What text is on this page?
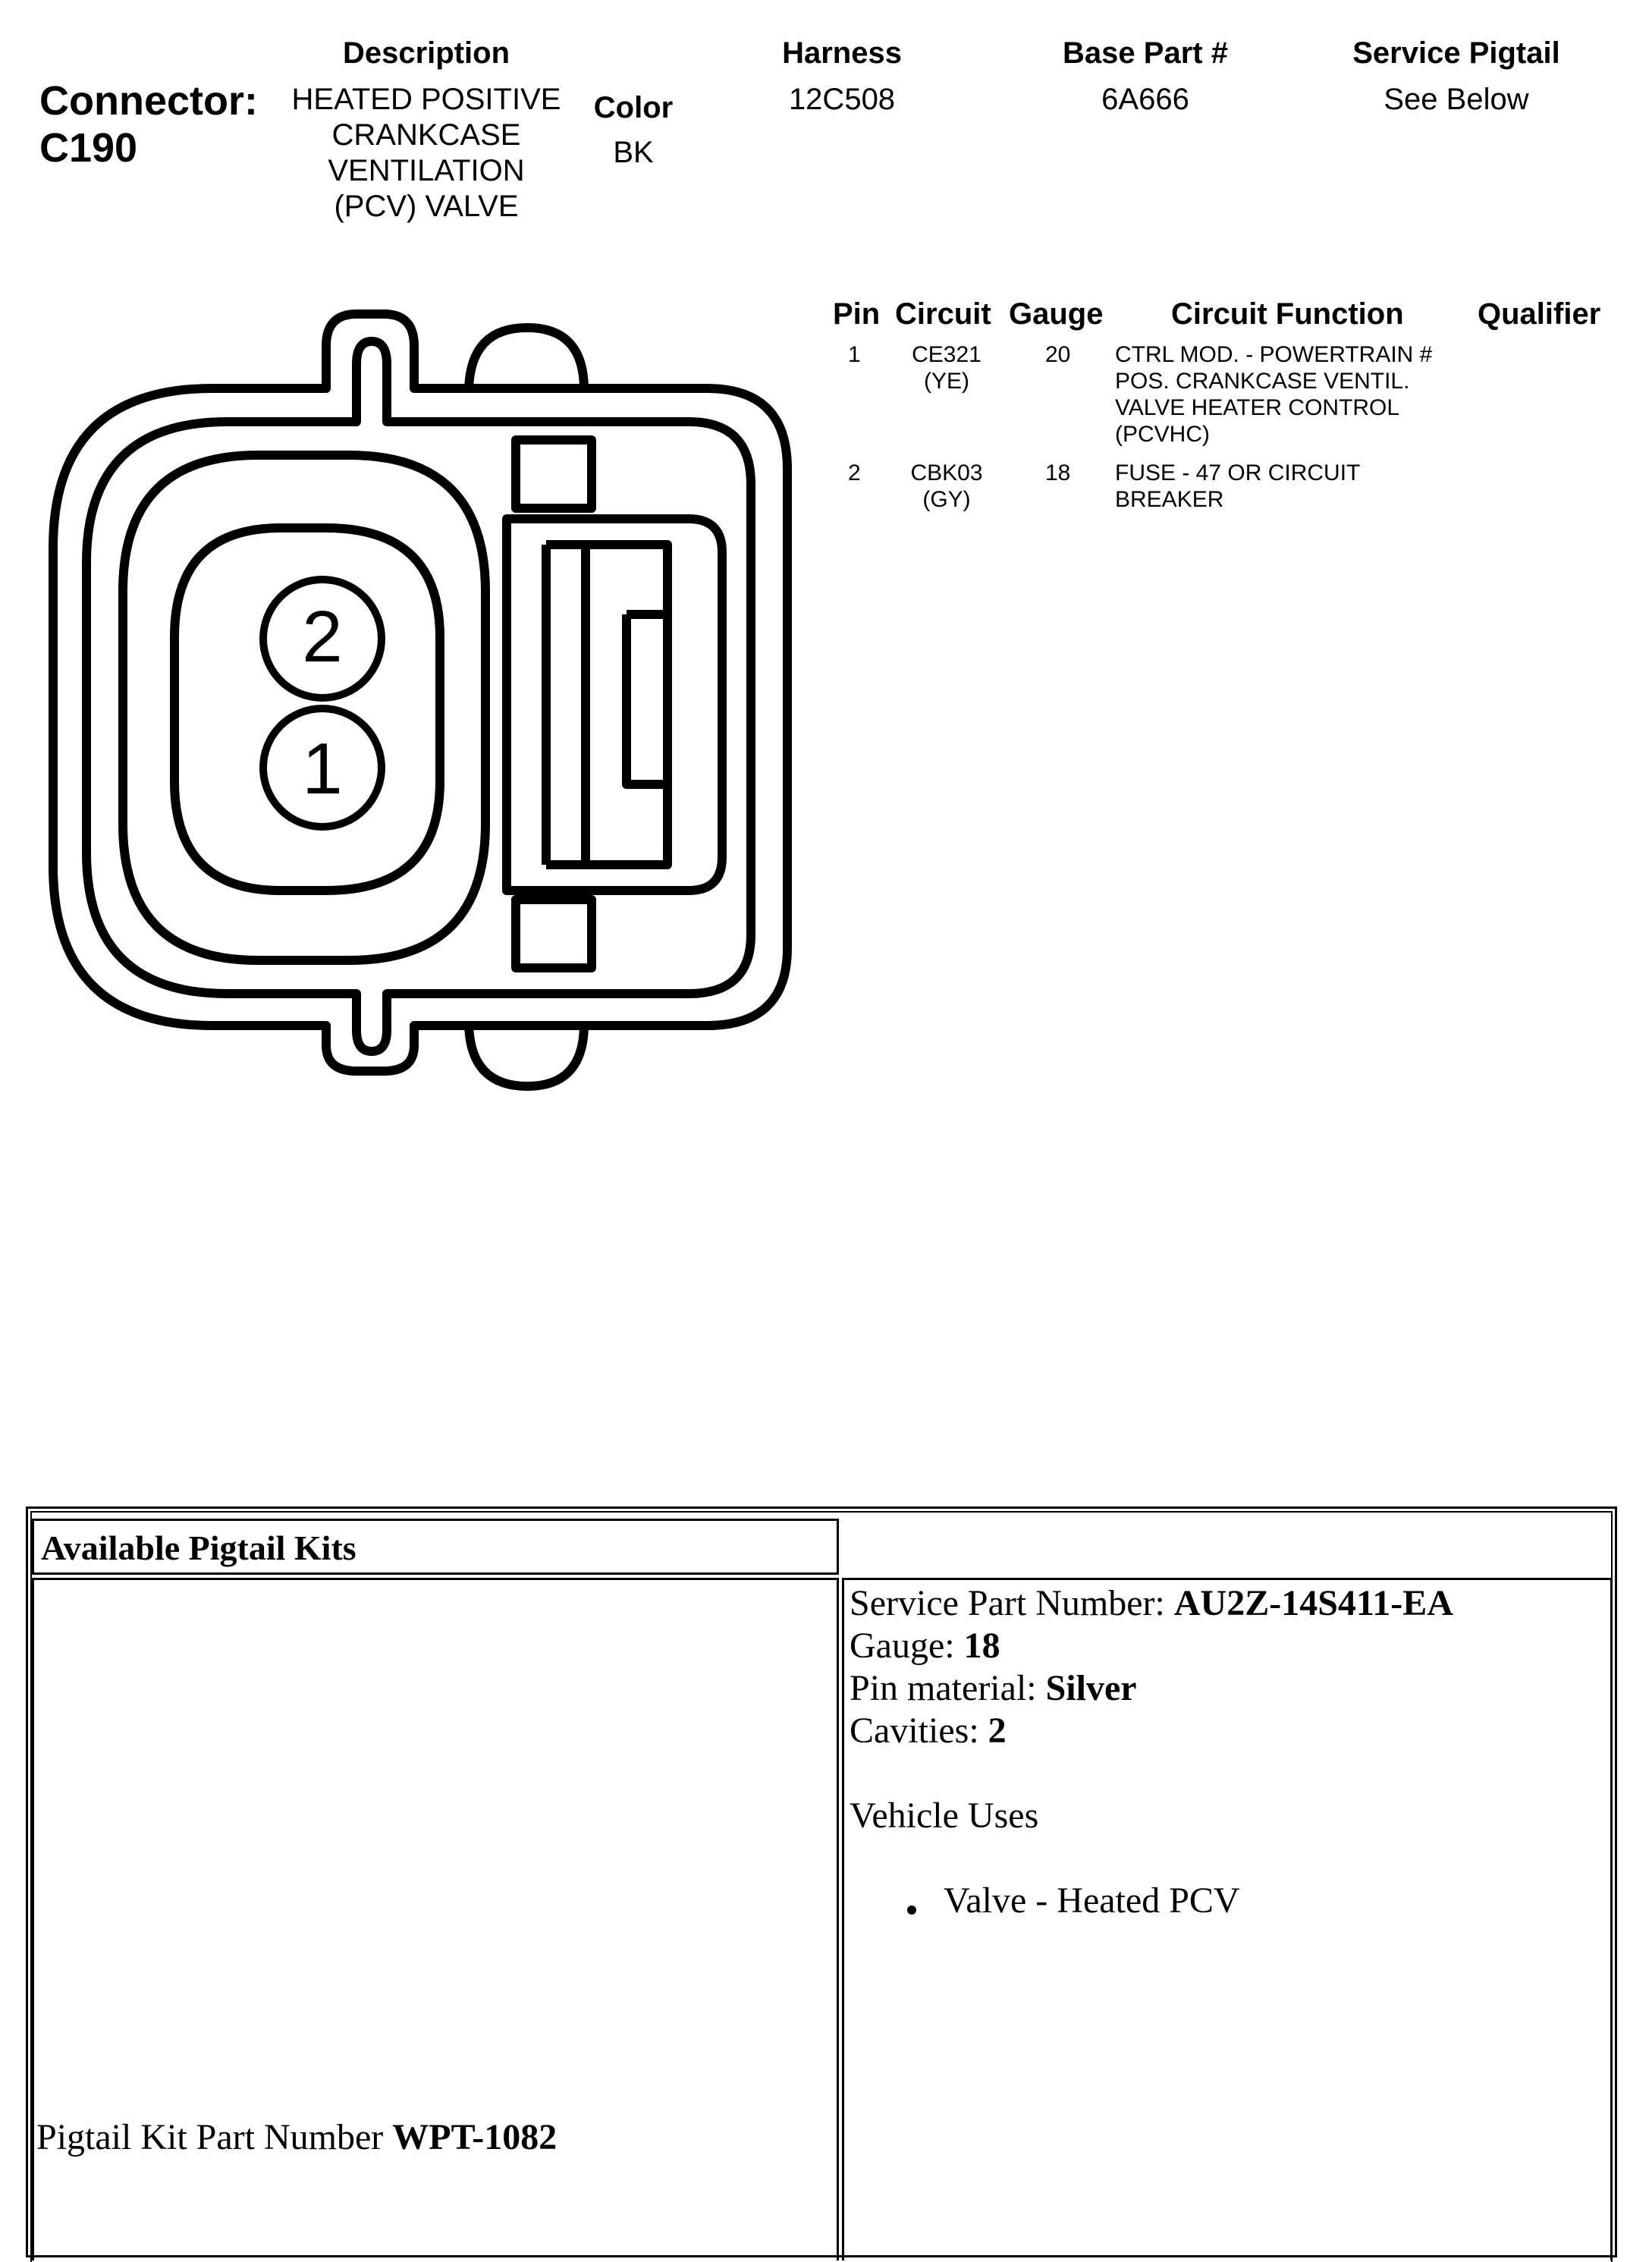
Connector:
C190
Description
HEATED POSITIVE
CRANKCASE
VENTILATION
(PCV) VALVE
Color
BK
Harness
12C508
Base Part #
6A666
Service Pigtail
See Below
2
1
Pin Circuit Gauge Circuit Function Qualifier
1	CE321
(YE)
20 CTRL MOD. - POWERTRAIN #
POS. CRANKCASE VENTIL.
VALVE HEATER CONTROL
(PCVHC)
2	CBK03
(GY)
18 FUSE - 47 OR CIRCUIT
BREAKER
Available Pigtail Kits
Pigtail Kit Part Number WPT-1082
Service Part Number: AU2Z-14S411-EA
Gauge: 18
Pin material: Silver
Cavities: 2
Vehicle Uses
Valve - Heated PCV
